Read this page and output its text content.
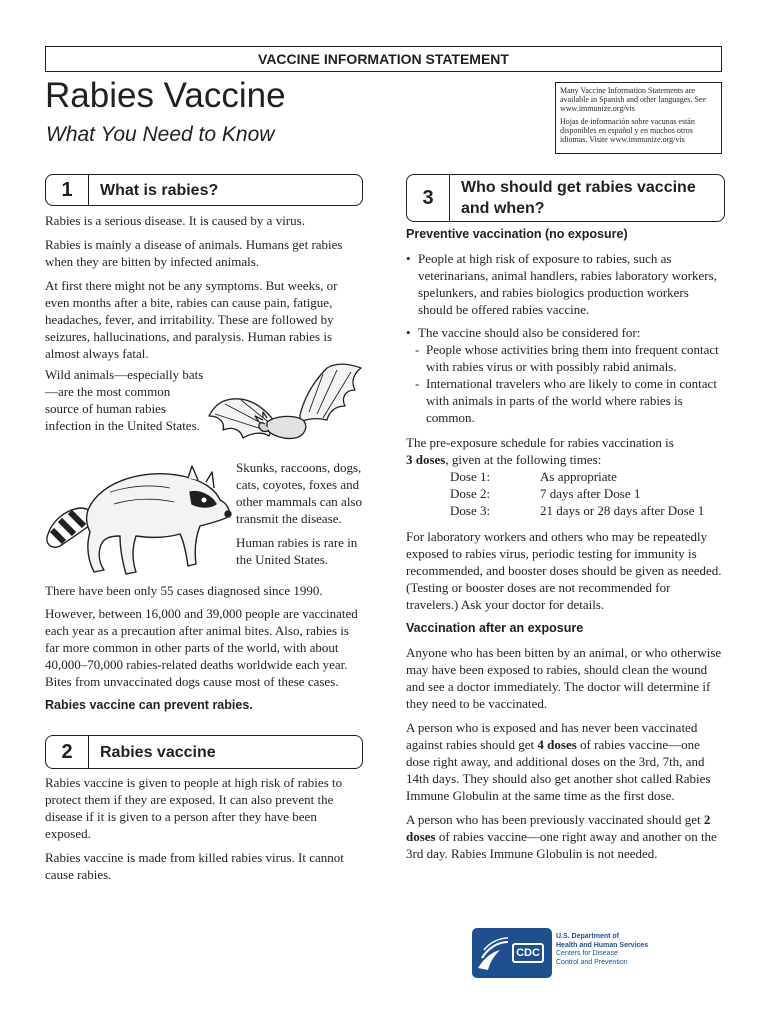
VACCINE INFORMATION STATEMENT
Rabies Vaccine
What You Need to Know

Many Vaccine Information Statements are available in Spanish and other languages. See www.immunize.org/vis

Hojas de información sobre vacunas están disponibles en español y en muchos otros idiomas. Visite www.immunize.org/vis

1	What is rabies?

Rabies is a serious disease. It is caused by a virus.

Rabies is mainly a disease of animals. Humans get rabies when they are bitten by infected animals.

At first there might not be any symptoms. But weeks, or even months after a bite, rabies can cause pain, fatigue, headaches, fever, and irritability. These are followed by seizures, hallucinations, and paralysis. Human rabies is almost always fatal.

Wild animals—especially bats—are the most common source of human rabies infection in the United States.

Skunks, raccoons, dogs, cats, coyotes, foxes and other mammals can also transmit the disease.

Human rabies is rare in the United States.

There have been only 55 cases diagnosed since 1990.

However, between 16,000 and 39,000 people are vaccinated each year as a precaution after animal bites. Also, rabies is far more common in other parts of the world, with about 40,000–70,000 rabies-related deaths worldwide each year. Bites from unvaccinated dogs cause most of these cases.

Rabies vaccine can prevent rabies.

2	Rabies vaccine

Rabies vaccine is given to people at high risk of rabies to protect them if they are exposed. It can also prevent the disease if it is given to a person after they have been exposed.

Rabies vaccine is made from killed rabies virus. It cannot cause rabies.

3	Who should get rabies vaccine and when?

Preventive vaccination (no exposure)

• People at high risk of exposure to rabies, such as veterinarians, animal handlers, rabies laboratory workers, spelunkers, and rabies biologics production workers should be offered rabies vaccine.
• The vaccine should also be considered for:
- People whose activities bring them into frequent contact with rabies virus or with possibly rabid animals.
- International travelers who are likely to come in contact with animals in parts of the world where rabies is common.
The pre-exposure schedule for rabies vaccination is
3 doses, given at the following times:
Dose 1:	As appropriate
Dose 2:	7 days after Dose 1
Dose 3:	21 days or 28 days after Dose 1

For laboratory workers and others who may be repeatedly exposed to rabies virus, periodic testing for immunity is recommended, and booster doses should be given as needed. (Testing or booster doses are not recommended for travelers.) Ask your doctor for details.

Vaccination after an exposure

Anyone who has been bitten by an animal, or who otherwise may have been exposed to rabies, should clean the wound and see a doctor immediately. The doctor will determine if they need to be vaccinated.

A person who is exposed and has never been vaccinated against rabies should get 4 doses of rabies vaccine—one dose right away, and additional doses on the 3rd, 7th, and 14th days. They should also get another shot called Rabies Immune Globulin at the same time as the first dose.

A person who has been previously vaccinated should get 2 doses of rabies vaccine—one right away and another on the 3rd day. Rabies Immune Globulin is not needed.

CDC
U.S. Department of
Health and Human Services
Centers for Disease
Control and Prevention
